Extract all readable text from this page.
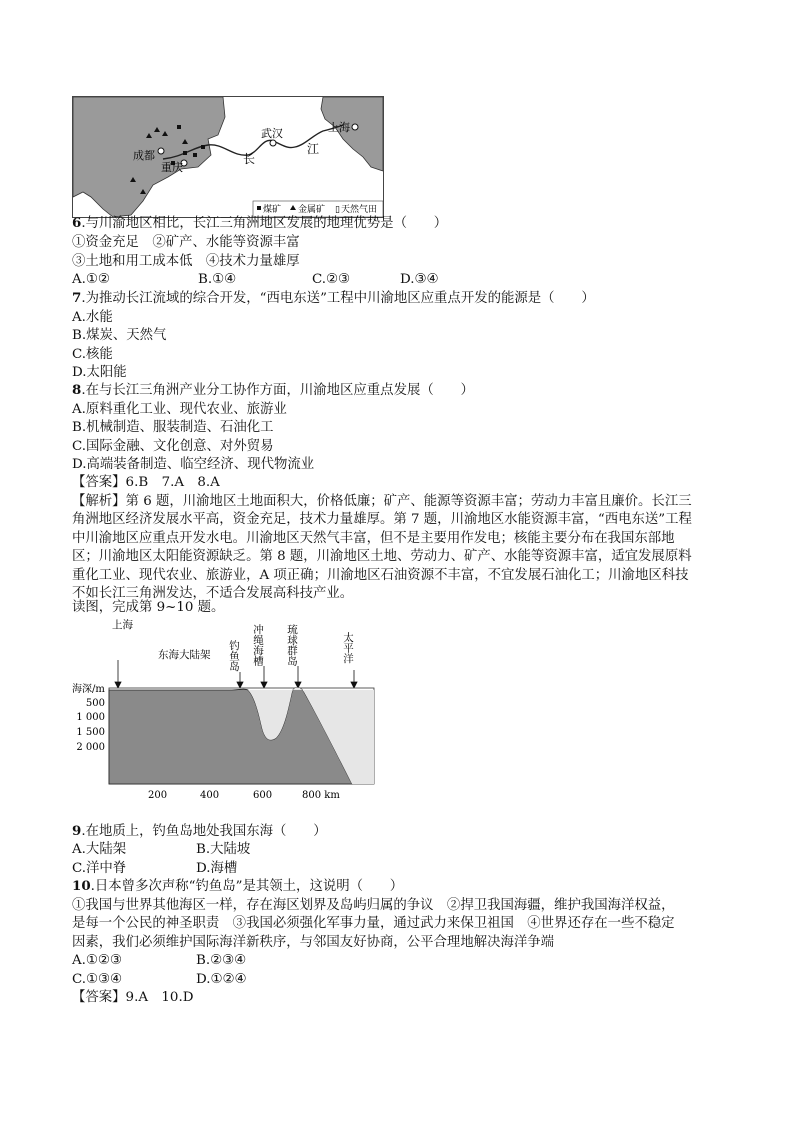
成都
重庆
武汉	上海
长
江
煤矿 金属矿 ▯ 天然气田
6.与川渝地区相比，长江三角洲地区发展的地理优势是（　　）
①资金充足　②矿产、水能等资源丰富
③土地和用工成本低　④技术力量雄厚
A.①②	B.①④	C.②③	D.③④
7.为推动长江流域的综合开发，“西电东送”工程中川渝地区应重点开发的能源是（　　）
A.水能
B.煤炭、天然气
C.核能
D.太阳能
8.在与长江三角洲产业分工协作方面，川渝地区应重点发展（　　）
A.原料重化工业、现代农业、旅游业
B.机械制造、服装制造、石油化工
C.国际金融、文化创意、对外贸易
D.高端装备制造、临空经济、现代物流业
【答案】6.B　7.A　8.A
【解析】第 6 题，川渝地区土地面积大，价格低廉；矿产、能源等资源丰富；劳动力丰富且廉价。长江三
角洲地区经济发展水平高，资金充足，技术力量雄厚。第 7 题，川渝地区水能资源丰富，“西电东送”工程
中川渝地区应重点开发水电。川渝地区天然气丰富，但不是主要用作发电；核能主要分布在我国东部地
区；川渝地区太阳能资源缺乏。第 8 题，川渝地区土地、劳动力、矿产、水能等资源丰富，适宜发展原料
重化工业、现代农业、旅游业，A 项正确；川渝地区石油资源不丰富，不宜发展石油化工；川渝地区科技
不如长江三角洲发达，不适合发展高科技产业。
读图，完成第 9~10 题。
上海
东海大陆架 钓鱼岛 冲绳海槽 琉球群岛	太平洋
海深/m
500
1 000
1 500
2 000
200	400	600	800 km
9.在地质上，钓鱼岛地处我国东海（　　）
A.大陆架	B.大陆坡
C.洋中脊	D.海槽
10.日本曾多次声称“钓鱼岛”是其领土，这说明（　　）
①我国与世界其他海区一样，存在海区划界及岛屿归属的争议　②捍卫我国海疆，维护我国海洋权益，
是每一个公民的神圣职责　③我国必须强化军事力量，通过武力来保卫祖国　④世界还存在一些不稳定
因素，我们必须维护国际海洋新秩序，与邻国友好协商，公平合理地解决海洋争端
A.①②③	B.②③④
C.①③④	D.①②④
【答案】9.A　10.D
